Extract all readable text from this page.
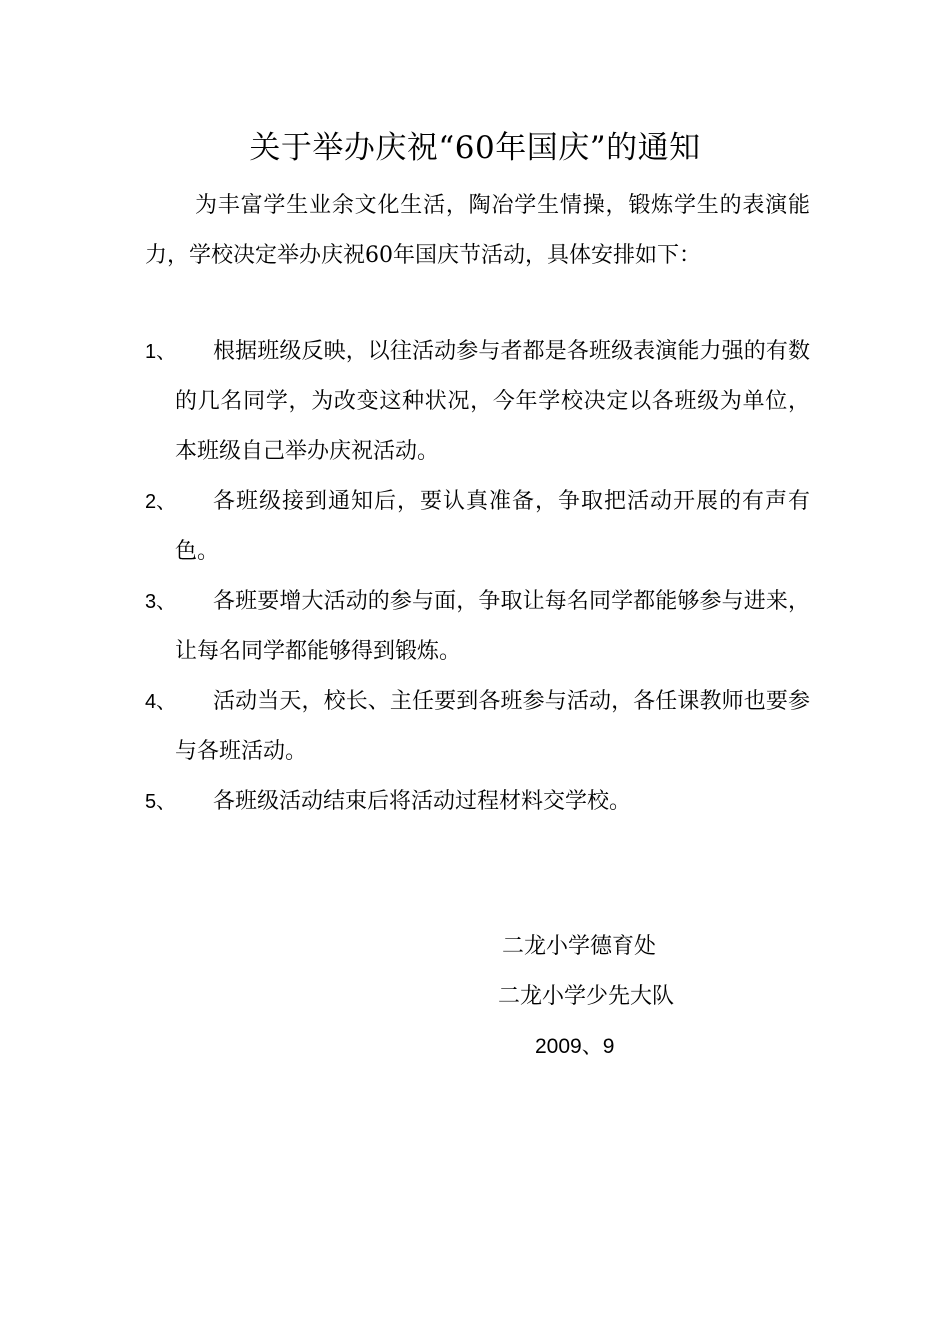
关于举办庆祝“60年国庆”的通知

为丰富学生业余文化生活，陶冶学生情操，锻炼学生的表演能力，学校决定举办庆祝60年国庆节活动，具体安排如下：

1、	根据班级反映，以往活动参与者都是各班级表演能力强的有数的几名同学，为改变这种状况，今年学校决定以各班级为单位，本班级自己举办庆祝活动。
2、	各班级接到通知后，要认真准备，争取把活动开展的有声有色。
3、	各班要增大活动的参与面，争取让每名同学都能够参与进来，让每名同学都能够得到锻炼。
4、	活动当天，校长、主任要到各班参与活动，各任课教师也要参与各班活动。
5、	各班级活动结束后将活动过程材料交学校。
二龙小学德育处
二龙小学少先大队
2009、9
